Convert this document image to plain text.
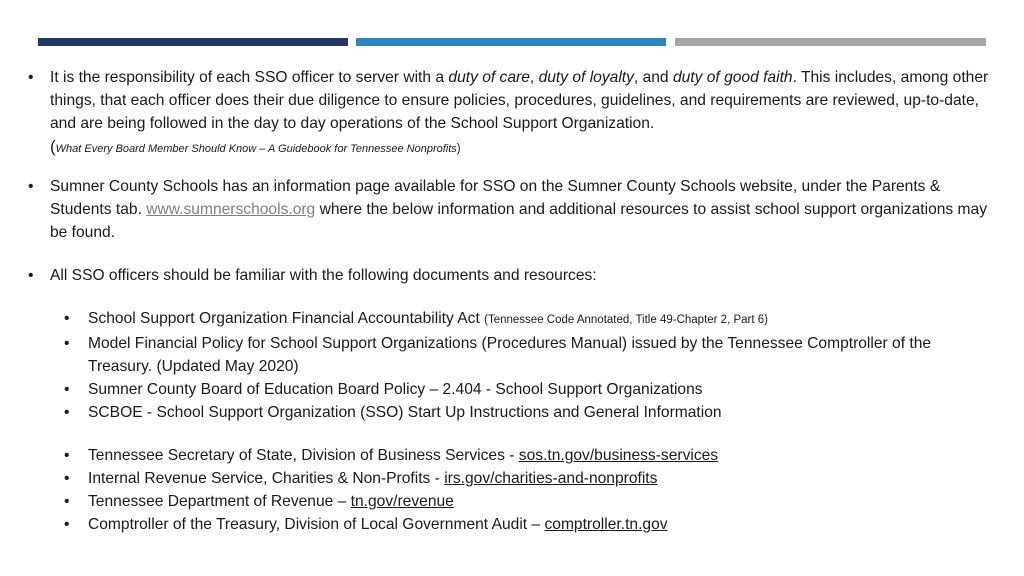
•	It is the responsibility of each SSO officer to server with a duty of care, duty of loyalty, and duty of good faith. This includes, among other things, that each officer does their due diligence to ensure policies, procedures, guidelines, and requirements are reviewed, up-to-date, and are being followed in the day to day operations of the School Support Organization.
(What Every Board Member Should Know – A Guidebook for Tennessee Nonprofits)
•	Sumner County Schools has an information page available for SSO on the Sumner County Schools website, under the Parents & Students tab. www.sumnerschools.org where the below information and additional resources to assist school support organizations may be found.
•	All SSO officers should be familiar with the following documents and resources:
•	School Support Organization Financial Accountability Act (Tennessee Code Annotated, Title 49-Chapter 2, Part 6)
•	Model Financial Policy for School Support Organizations (Procedures Manual) issued by the Tennessee Comptroller of the Treasury. (Updated May 2020)
•	Sumner County Board of Education Board Policy – 2.404 - School Support Organizations
•	SCBOE - School Support Organization (SSO) Start Up Instructions and General Information
•	Tennessee Secretary of State, Division of Business Services - sos.tn.gov/business-services
•	Internal Revenue Service, Charities & Non-Profits - irs.gov/charities-and-nonprofits
•	Tennessee Department of Revenue – tn.gov/revenue
•	Comptroller of the Treasury, Division of Local Government Audit – comptroller.tn.gov
